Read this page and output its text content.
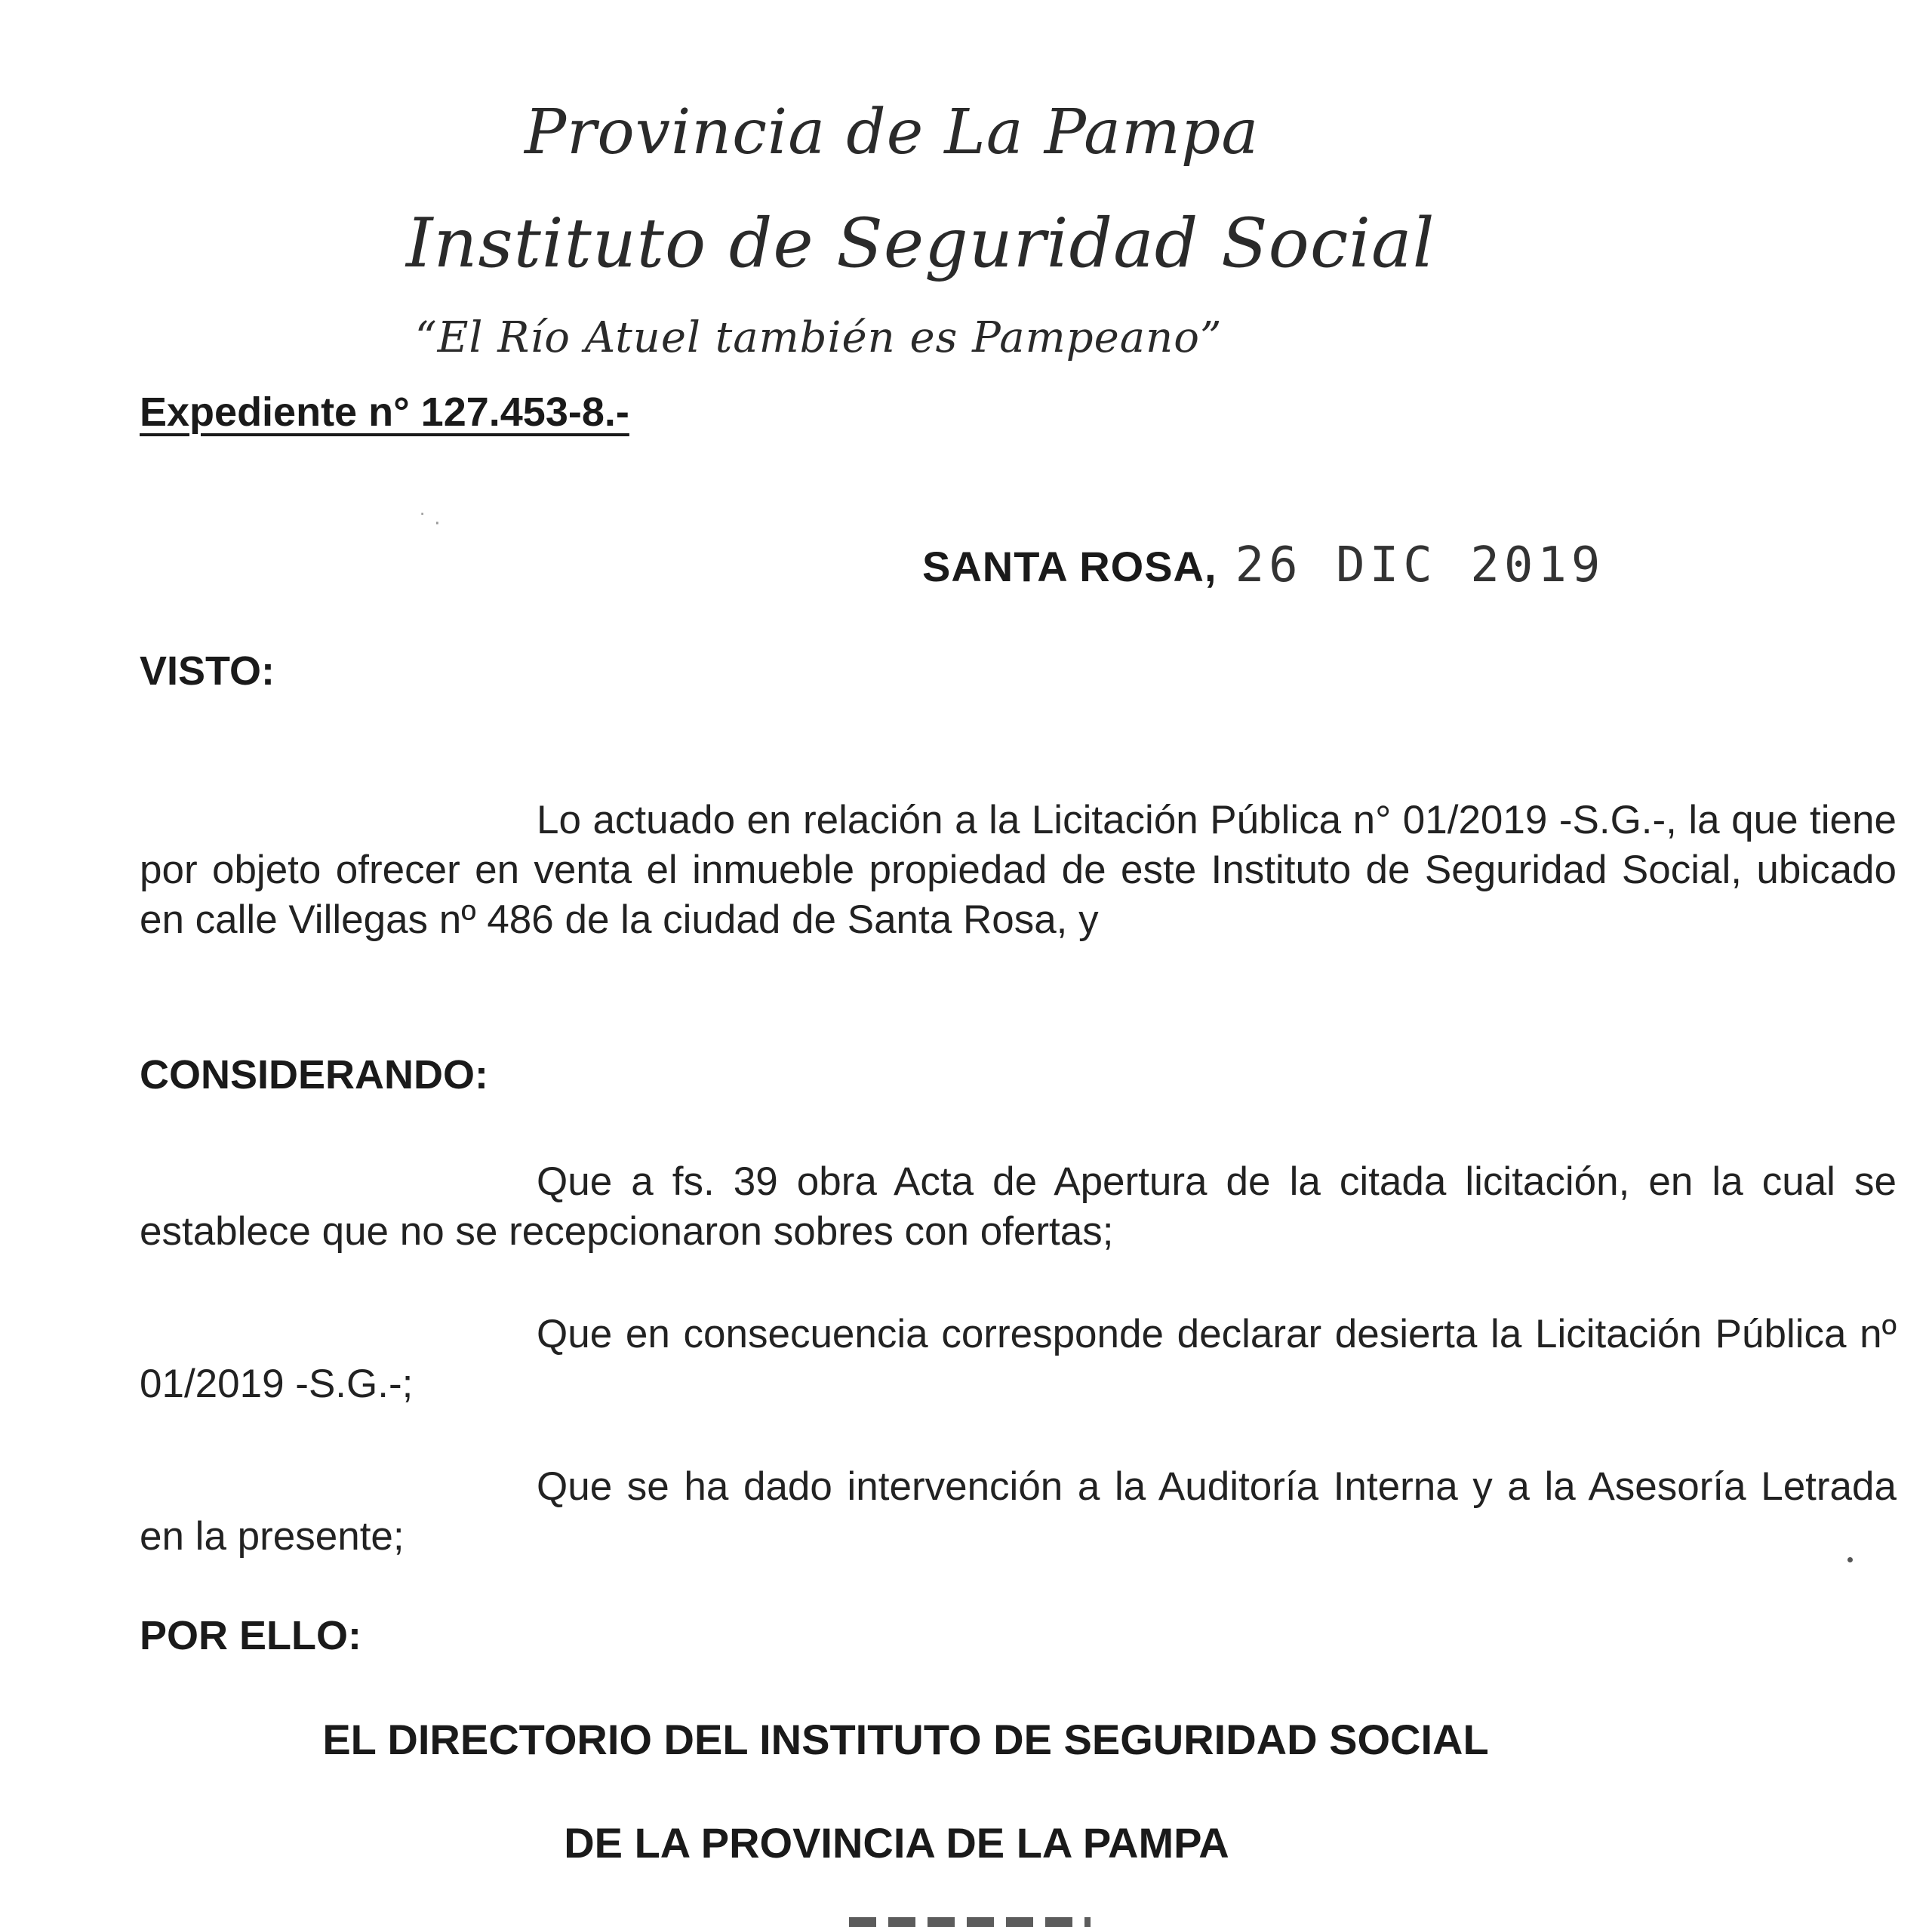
Provincia de La Pampa
Instituto de Seguridad Social
“El Río Atuel también es Pampeano”
Expediente n° 127.453-8.-
˙ ·
SANTA ROSA, 26 DIC 2019
VISTO:
Lo actuado en relación a la Licitación Pública n° 01/2019 -S.G.-, la que tiene por objeto ofrecer en venta el inmueble propiedad de este Instituto de Seguridad Social, ubicado en calle Villegas nº 486 de la ciudad de Santa Rosa, y
CONSIDERANDO:
Que a fs. 39 obra Acta de Apertura de la citada licitación, en la cual se establece que no se recepcionaron sobres con ofertas;
Que en consecuencia corresponde declarar desierta la Licitación Pública nº 01/2019 -S.G.-;
Que se ha dado intervención a la Auditoría Interna y a la Asesoría Letrada en la presente;
POR ELLO:
EL DIRECTORIO DEL INSTITUTO DE SEGURIDAD SOCIAL
DE LA PROVINCIA DE LA PAMPA
